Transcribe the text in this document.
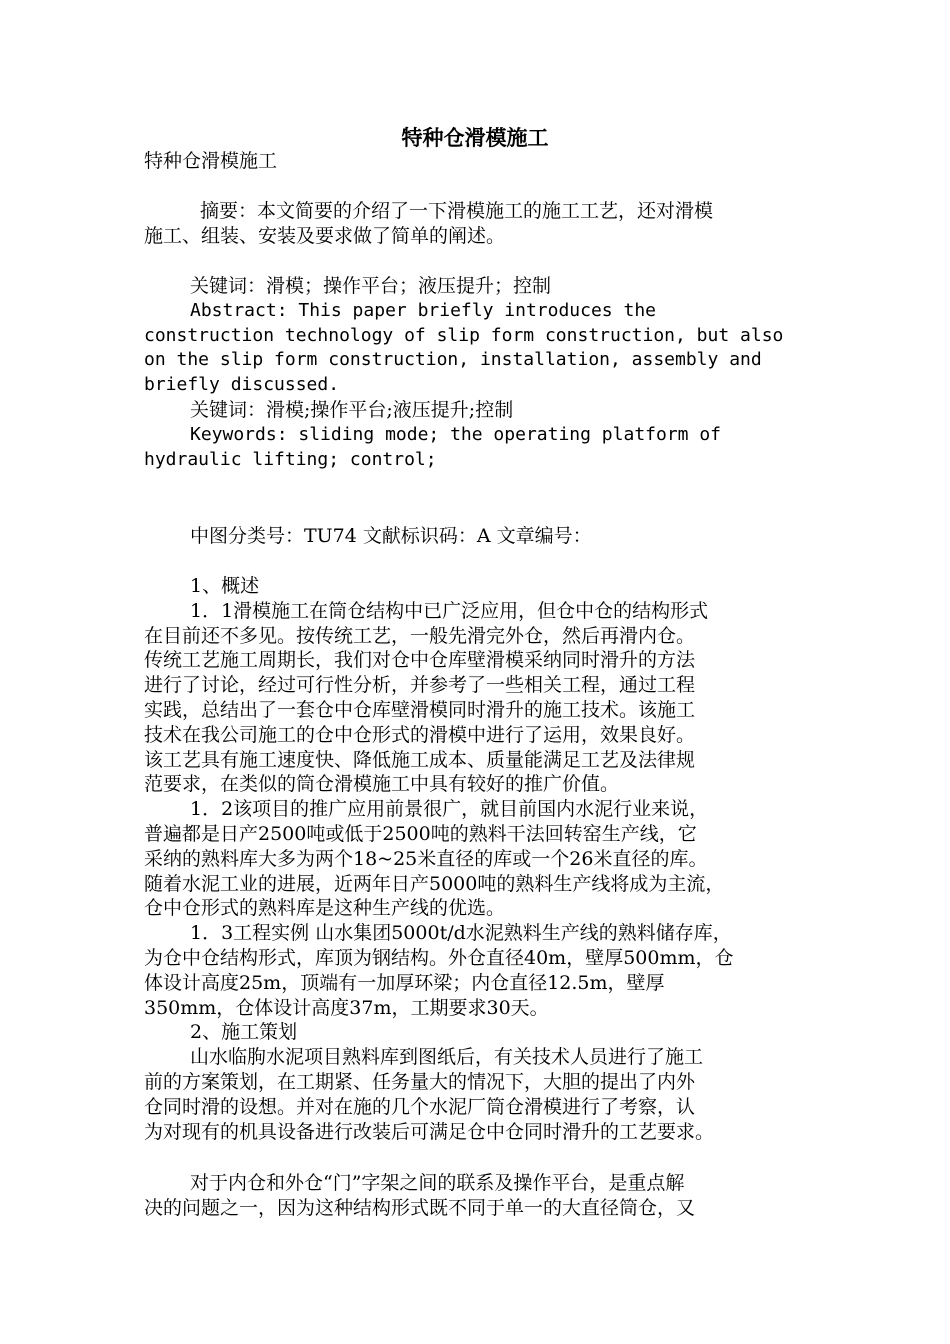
特种仓滑模施工
特种仓滑模施工
摘要：本文简要的介绍了一下滑模施工的施工工艺，还对滑模
施工、组装、安装及要求做了简单的阐述。
关键词：滑模；操作平台；液压提升；控制
Abstract: This paper briefly introduces the
construction technology of slip form construction, but also
on the slip form construction, installation, assembly and
briefly discussed.
关键词：滑模;操作平台;液压提升;控制
Keywords: sliding mode; the operating platform of
hydraulic lifting; control;
中图分类号：TU74 文献标识码：A 文章编号：
1、概述
1．1滑模施工在筒仓结构中已广泛应用，但仓中仓的结构形式
在目前还不多见。按传统工艺，一般先滑完外仓，然后再滑内仓。
传统工艺施工周期长，我们对仓中仓库壁滑模采纳同时滑升的方法
进行了讨论，经过可行性分析，并参考了一些相关工程，通过工程
实践，总结出了一套仓中仓库壁滑模同时滑升的施工技术。该施工
技术在我公司施工的仓中仓形式的滑模中进行了运用，效果良好。
该工艺具有施工速度快、降低施工成本、质量能满足工艺及法律规
范要求，在类似的筒仓滑模施工中具有较好的推广价值。
1．2该项目的推广应用前景很广，就目前国内水泥行业来说，
普遍都是日产2500吨或低于2500吨的熟料干法回转窑生产线，它
采纳的熟料库大多为两个18~25米直径的库或一个26米直径的库。
随着水泥工业的进展，近两年日产5000吨的熟料生产线将成为主流，
仓中仓形式的熟料库是这种生产线的优选。
1．3工程实例 山水集团5000t/d水泥熟料生产线的熟料储存库，
为仓中仓结构形式，库顶为钢结构。外仓直径40m，壁厚500mm，仓
体设计高度25m，顶端有一加厚环梁；内仓直径12.5m，壁厚
350mm，仓体设计高度37m，工期要求30天。
2、施工策划
山水临朐水泥项目熟料库到图纸后，有关技术人员进行了施工
前的方案策划，在工期紧、任务量大的情况下，大胆的提出了内外
仓同时滑的设想。并对在施的几个水泥厂筒仓滑模进行了考察，认
为对现有的机具设备进行改装后可满足仓中仓同时滑升的工艺要求。
对于内仓和外仓“门”字架之间的联系及操作平台，是重点解
决的问题之一，因为这种结构形式既不同于单一的大直径筒仓，又
